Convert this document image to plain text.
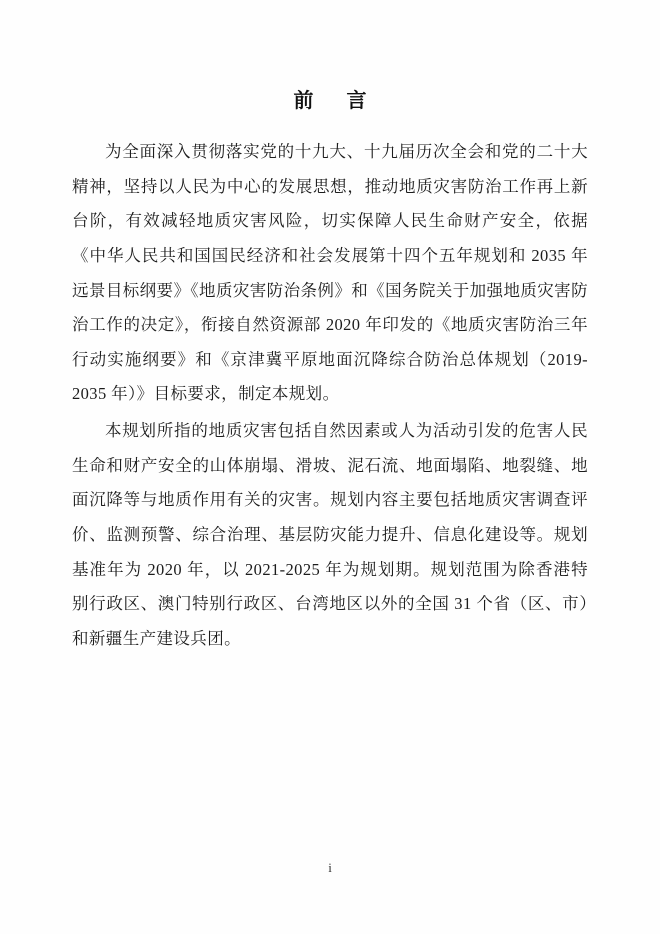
前 言

为全面深入贯彻落实党的十九大、十九届历次全会和党的二十大精神，坚持以人民为中心的发展思想，推动地质灾害防治工作再上新台阶，有效减轻地质灾害风险，切实保障人民生命财产安全，依据《中华人民共和国国民经济和社会发展第十四个五年规划和 2035 年远景目标纲要》《地质灾害防治条例》和《国务院关于加强地质灾害防治工作的决定》，衔接自然资源部 2020 年印发的《地质灾害防治三年行动实施纲要》和《京津冀平原地面沉降综合防治总体规划（2019-2035 年）》目标要求，制定本规划。

本规划所指的地质灾害包括自然因素或人为活动引发的危害人民生命和财产安全的山体崩塌、滑坡、泥石流、地面塌陷、地裂缝、地面沉降等与地质作用有关的灾害。规划内容主要包括地质灾害调查评价、监测预警、综合治理、基层防灾能力提升、信息化建设等。规划基准年为 2020 年，以 2021-2025 年为规划期。规划范围为除香港特别行政区、澳门特别行政区、台湾地区以外的全国 31 个省（区、市）和新疆生产建设兵团。

i
